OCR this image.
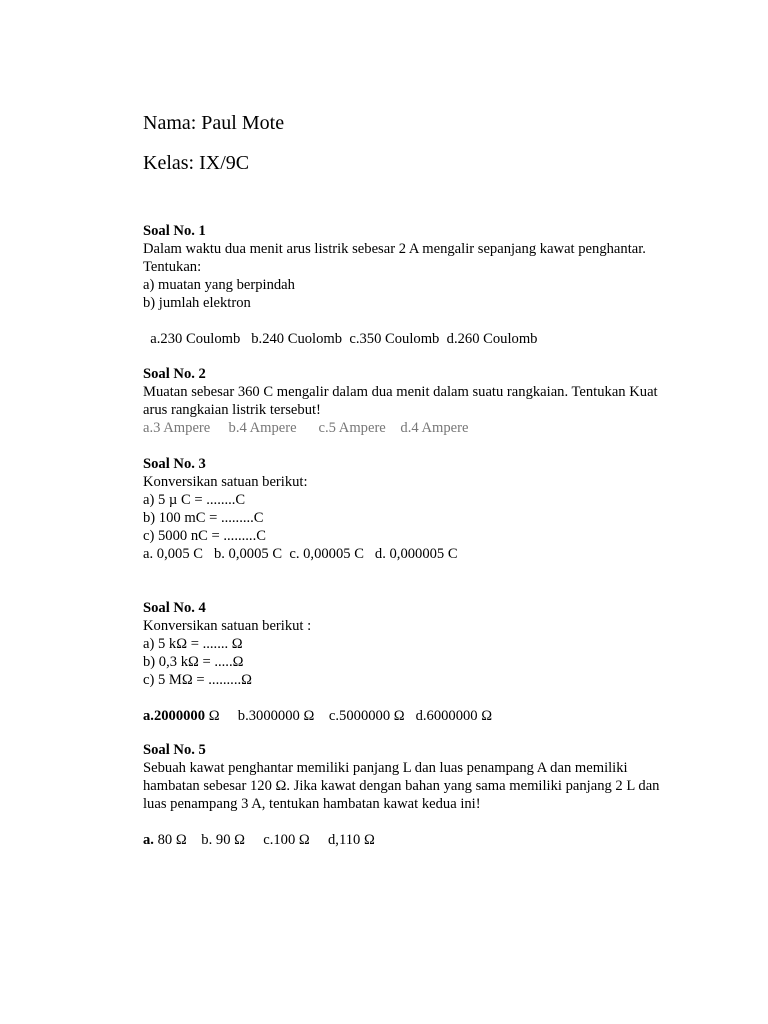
Nama: Paul Mote
Kelas: IX/9C
Soal No. 1
Dalam waktu dua menit arus listrik sebesar 2 A mengalir sepanjang kawat penghantar. Tentukan:
a) muatan yang berpindah
b) jumlah elektron
a.230 Coulomb b.240 Cuolomb c.350 Coulomb d.260 Coulomb
Soal No. 2
Muatan sebesar 360 C mengalir dalam dua menit dalam suatu rangkaian. Tentukan Kuat arus rangkaian listrik tersebut!
a.3 Ampere b.4 Ampere c.5 Ampere d.4 Ampere
Soal No. 3
Konversikan satuan berikut:
a) 5 µ C = ........C
b) 100 mC = .........C
c) 5000 nC = .........C
a. 0,005 C b. 0,0005 C c. 0,00005 C d. 0,000005 C
Soal No. 4
Konversikan satuan berikut :
a) 5 kΩ = ....... Ω
b) 0,3 kΩ = .....Ω
c) 5 MΩ = .........Ω
a.2000000 Ω b.3000000 Ω c.5000000 Ω d.6000000 Ω
Soal No. 5
Sebuah kawat penghantar memiliki panjang L dan luas penampang A dan memiliki hambatan sebesar 120 Ω. Jika kawat dengan bahan yang sama memiliki panjang 2 L dan luas penampang 3 A, tentukan hambatan kawat kedua ini!
a. 80 Ω b. 90 Ω c.100 Ω d,110 Ω
